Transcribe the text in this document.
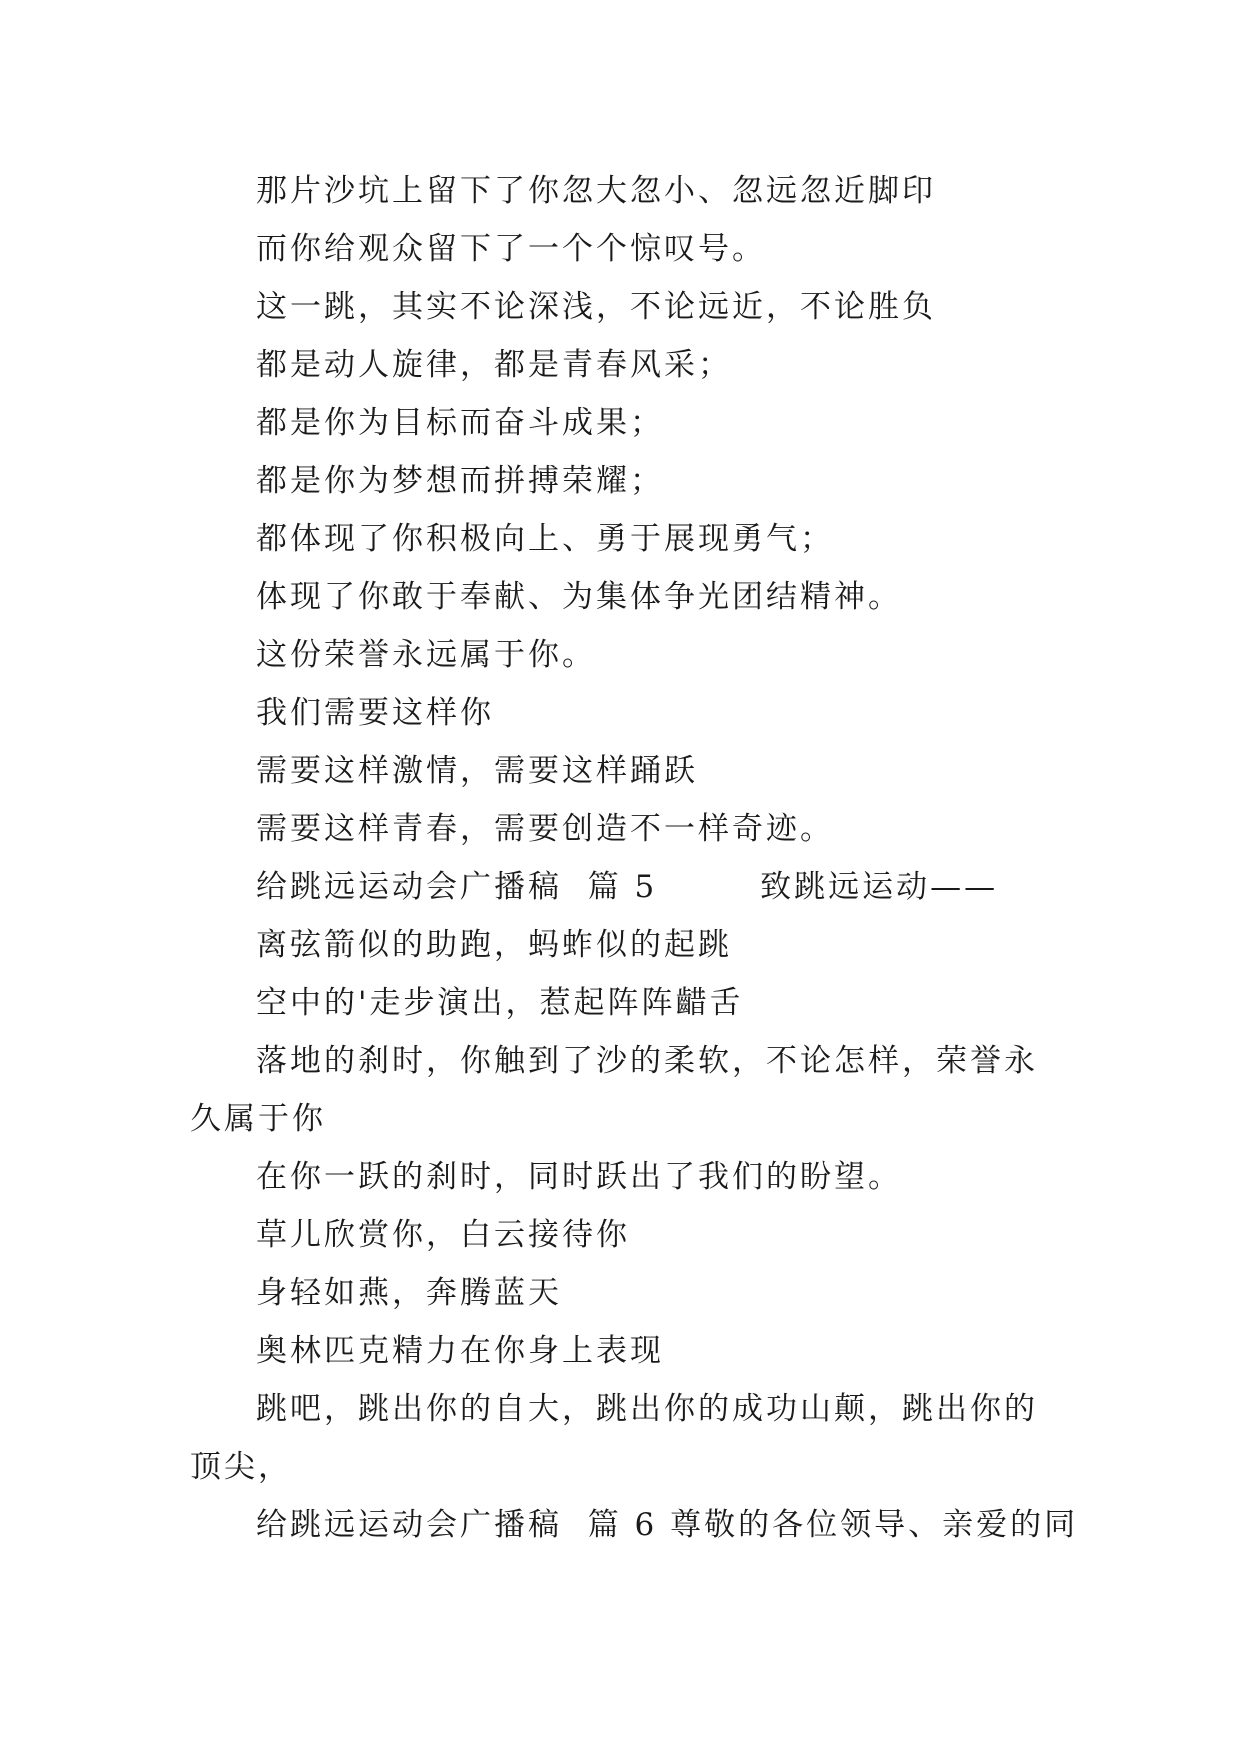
那片沙坑上留下了你忽大忽小、忽远忽近脚印

而你给观众留下了一个个惊叹号。

这一跳，其实不论深浅，不论远近，不论胜负

都是动人旋律，都是青春风采；

都是你为目标而奋斗成果；

都是你为梦想而拼搏荣耀；

都体现了你积极向上、勇于展现勇气；

体现了你敢于奉献、为集体争光团结精神。

这份荣誉永远属于你。

我们需要这样你

需要这样激情，需要这样踊跃

需要这样青春，需要创造不一样奇迹。

给跳远运动会广播稿  篇 5        致跳远运动——

离弦箭似的助跑，蚂蚱似的起跳

空中的'走步演出，惹起阵阵齰舌

落地的刹时，你触到了沙的柔软，不论怎样，荣誉永久属于你

在你一跃的刹时，同时跃出了我们的盼望。

草儿欣赏你，白云接待你

身轻如燕，奔腾蓝天

奥林匹克精力在你身上表现

跳吧，跳出你的自大，跳出你的成功山颠，跳出你的顶尖，

给跳远运动会广播稿  篇 6 尊敬的各位领导、亲爱的同
